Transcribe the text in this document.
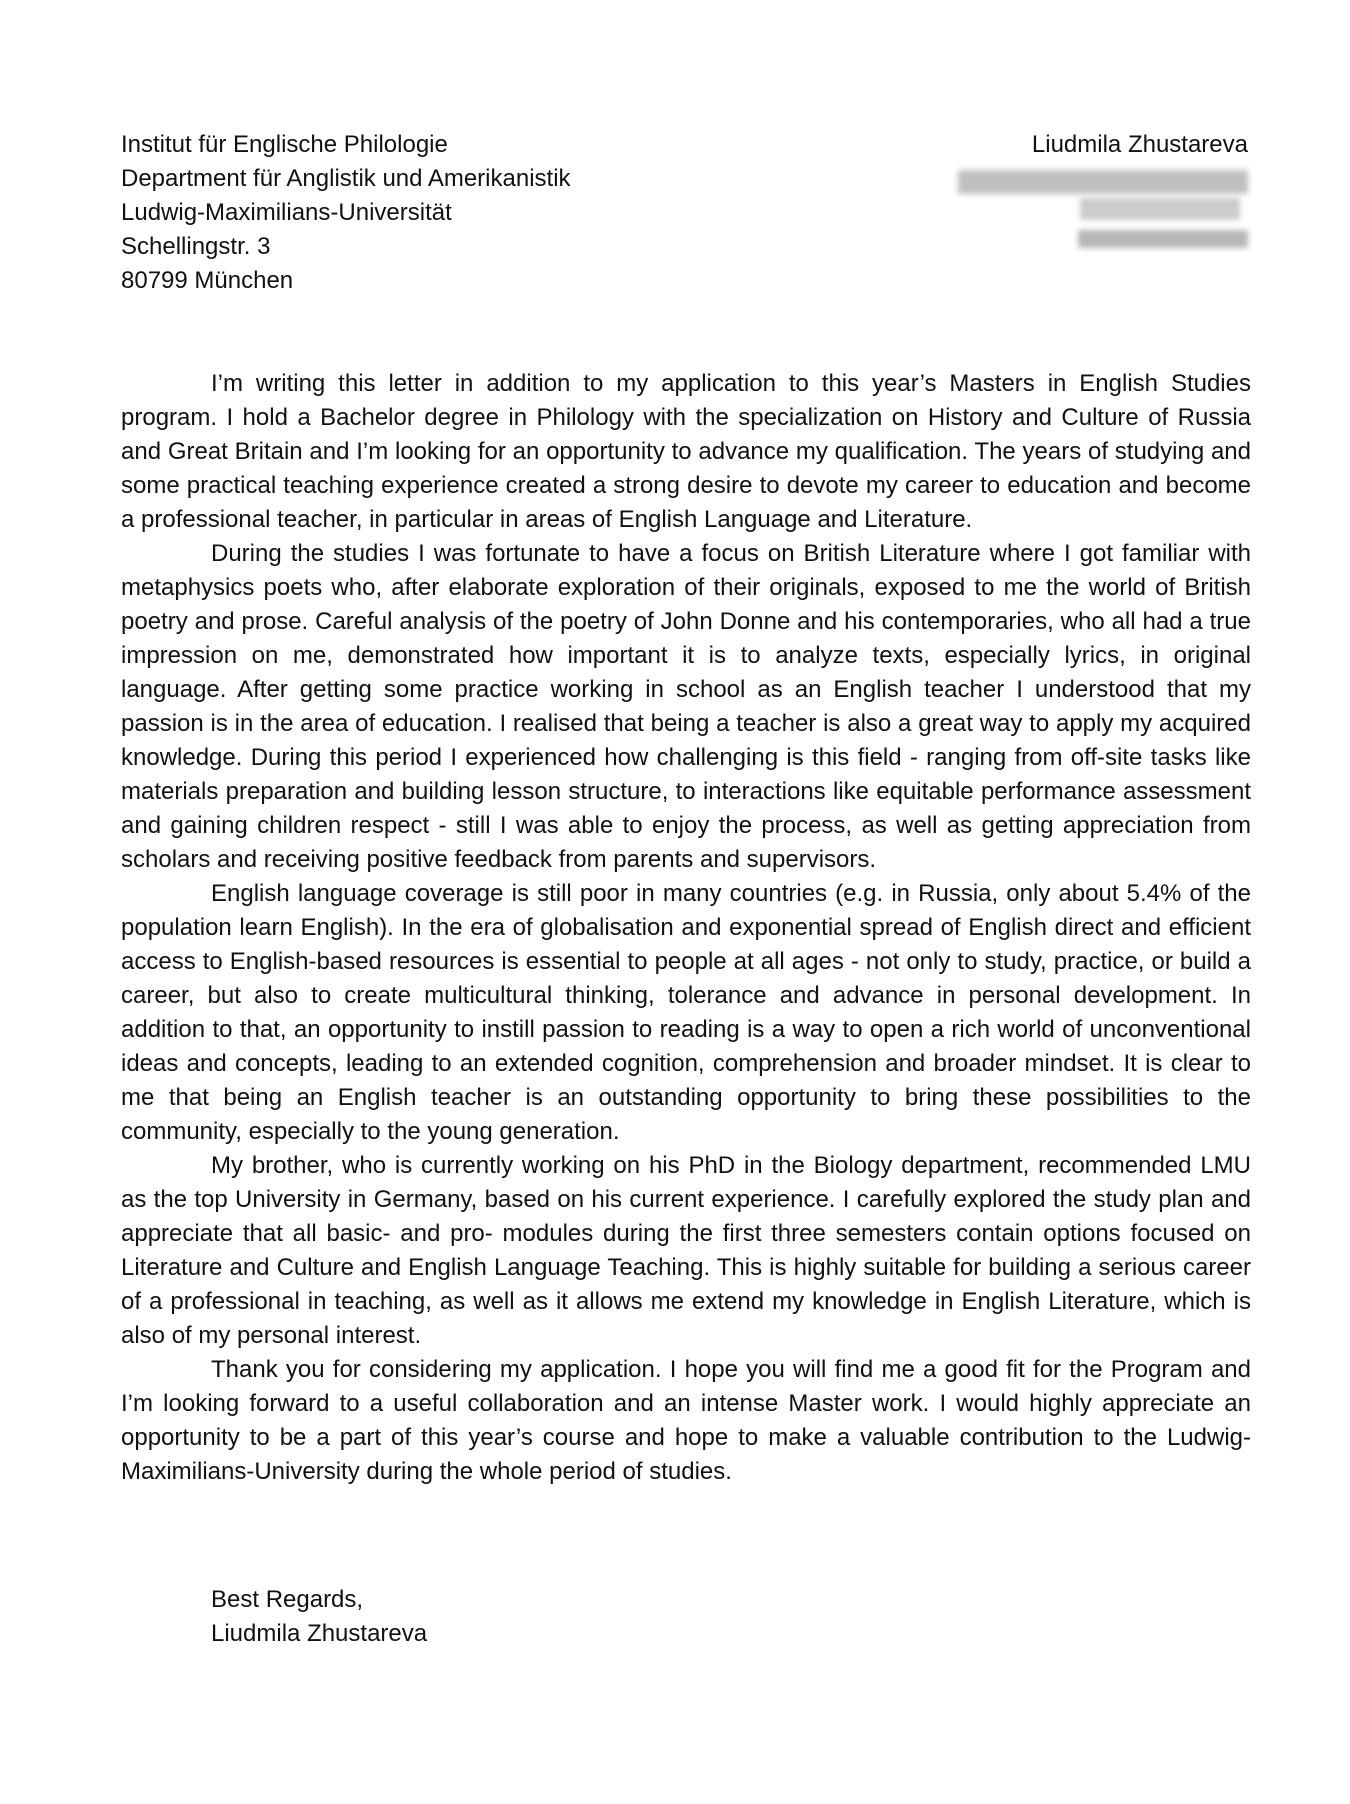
Institut für Englische Philologie
Department für Anglistik und Amerikanistik
Ludwig-Maximilians-Universität
Schellingstr. 3
80799 München
Liudmila Zhustareva

I’m writing this letter in addition to my application to this year’s Masters in English Studies program. I hold a Bachelor degree in Philology with the specialization on History and Culture of Russia and Great Britain and I’m looking for an opportunity to advance my qualification. The years of studying and some practical teaching experience created a strong desire to devote my career to education and become a professional teacher, in particular in areas of English Language and Literature.

During the studies I was fortunate to have a focus on British Literature where I got familiar with metaphysics poets who, after elaborate exploration of their originals, exposed to me the world of British poetry and prose. Careful analysis of the poetry of John Donne and his contemporaries, who all had a true impression on me, demonstrated how important it is to analyze texts, especially lyrics, in original language. After getting some practice working in school as an English teacher I understood that my passion is in the area of education. I realised that being a teacher is also a great way to apply my acquired knowledge. During this period I experienced how challenging is this field - ranging from off-site tasks like materials preparation and building lesson structure, to interactions like equitable performance assessment and gaining children respect - still I was able to enjoy the process, as well as getting appreciation from scholars and receiving positive feedback from parents and supervisors.

English language coverage is still poor in many countries (e.g. in Russia, only about 5.4% of the population learn English). In the era of globalisation and exponential spread of English direct and efficient access to English-based resources is essential to people at all ages - not only to study, practice, or build a career, but also to create multicultural thinking, tolerance and advance in personal development. In addition to that, an opportunity to instill passion to reading is a way to open a rich world of unconventional ideas and concepts, leading to an extended cognition, comprehension and broader mindset. It is clear to me that being an English teacher is an outstanding opportunity to bring these possibilities to the community, especially to the young generation.

My brother, who is currently working on his PhD in the Biology department, recommended LMU as the top University in Germany, based on his current experience. I carefully explored the study plan and appreciate that all basic- and pro- modules during the first three semesters contain options focused on Literature and Culture and English Language Teaching. This is highly suitable for building a serious career of a professional in teaching, as well as it allows me extend my knowledge in English Literature, which is also of my personal interest.

Thank you for considering my application. I hope you will find me a good fit for the Program and I’m looking forward to a useful collaboration and an intense Master work. I would highly appreciate an opportunity to be a part of this year’s course and hope to make a valuable contribution to the Ludwig-Maximilians-University during the whole period of studies.

Best Regards,
Liudmila Zhustareva
